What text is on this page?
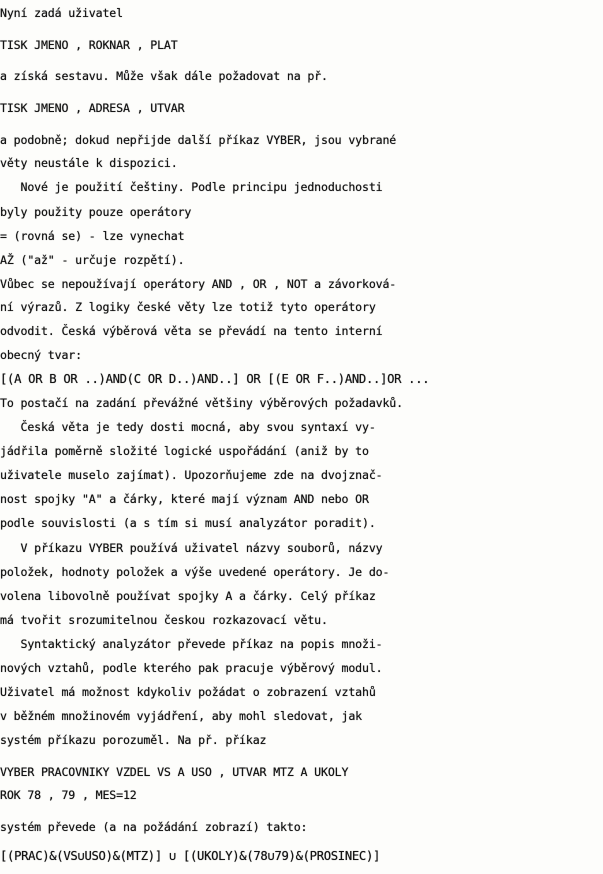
Nyní zadá uživatel
TISK JMENO , ROKNAR , PLAT
a získá sestavu. Může však dále požadovat na př.
TISK JMENO , ADRESA , UTVAR
a podobně; dokud nepřijde další příkaz VYBER, jsou vybrané
věty neustále k dispozici.
Nové je použití češtiny. Podle principu jednoduchosti
byly použity pouze operátory
= (rovná se) - lze vynechat
AŽ ("až" - určuje rozpětí).
Vůbec se nepoužívají operátory AND , OR , NOT a závorková-
ní výrazů. Z logiky české věty lze totiž tyto operátory
odvodit. Česká výběrová věta se převádí na tento interní
obecný tvar:
[(A OR B OR ..)AND(C OR D..)AND..] OR [(E OR F..)AND..]OR ...
To postačí na zadání převážné většiny výběrových požadavků.
Česká věta je tedy dosti mocná, aby svou syntaxí vy-
jádřila poměrně složité logické uspořádání (aniž by to
uživatele muselo zajímat). Upozorňujeme zde na dvojznač-
nost spojky "A" a čárky, které mají význam AND nebo OR
podle souvislosti (a s tím si musí analyzátor poradit).
V příkazu VYBER používá uživatel názvy souborů, názvy
položek, hodnoty položek a výše uvedené operátory. Je do-
volena libovolně používat spojky A a čárky. Celý příkaz
má tvořit srozumitelnou českou rozkazovací větu.
Syntaktický analyzátor převede příkaz na popis množi-
nových vztahů, podle kterého pak pracuje výběrový modul.
Uživatel má možnost kdykoliv požádat o zobrazení vztahů
v běžném množinovém vyjádření, aby mohl sledovat, jak
systém příkazu porozuměl. Na př. příkaz
VYBER PRACOVNIKY VZDEL VS A USO , UTVAR MTZ A UKOLY
ROK 78 , 79 , MES=12
systém převede (a na požádání zobrazí) takto:
[(PRAC)&(VS∪USO)&(MTZ)] ∪ [(UKOLY)&(78∪79)&(PROSINEC)]
